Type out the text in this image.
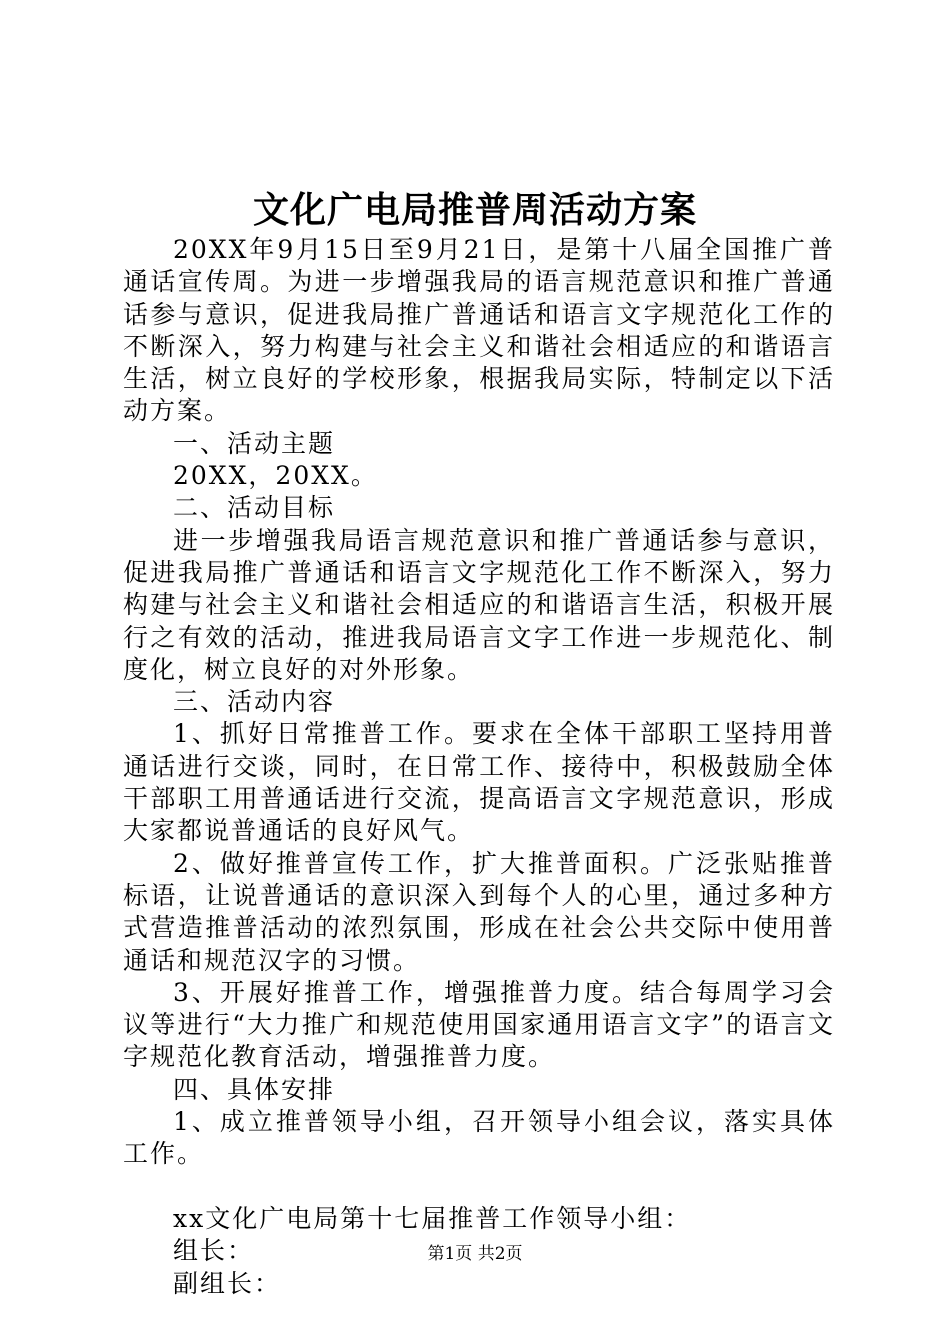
文化广电局推普周活动方案

20XX年9月15日至9月21日，是第十八届全国推广普通话宣传周。为进一步增强我局的语言规范意识和推广普通话参与意识，促进我局推广普通话和语言文字规范化工作的不断深入，努力构建与社会主义和谐社会相适应的和谐语言生活，树立良好的学校形象，根据我局实际，特制定以下活动方案。

一、活动主题

20XX，20XX。

二、活动目标

进一步增强我局语言规范意识和推广普通话参与意识，促进我局推广普通话和语言文字规范化工作不断深入，努力构建与社会主义和谐社会相适应的和谐语言生活，积极开展行之有效的活动，推进我局语言文字工作进一步规范化、制度化，树立良好的对外形象。

三、活动内容

1、抓好日常推普工作。要求在全体干部职工坚持用普通话进行交谈，同时，在日常工作、接待中，积极鼓励全体干部职工用普通话进行交流，提高语言文字规范意识，形成大家都说普通话的良好风气。

2、做好推普宣传工作，扩大推普面积。广泛张贴推普标语，让说普通话的意识深入到每个人的心里，通过多种方式营造推普活动的浓烈氛围，形成在社会公共交际中使用普通话和规范汉字的习惯。

3、开展好推普工作，增强推普力度。结合每周学习会议等进行“大力推广和规范使用国家通用语言文字”的语言文字规范化教育活动，增强推普力度。

四、具体安排

1、成立推普领导小组，召开领导小组会议，落实具体工作。

xx文化广电局第十七届推普工作领导小组：

组长：

副组长：

第1页 共2页
